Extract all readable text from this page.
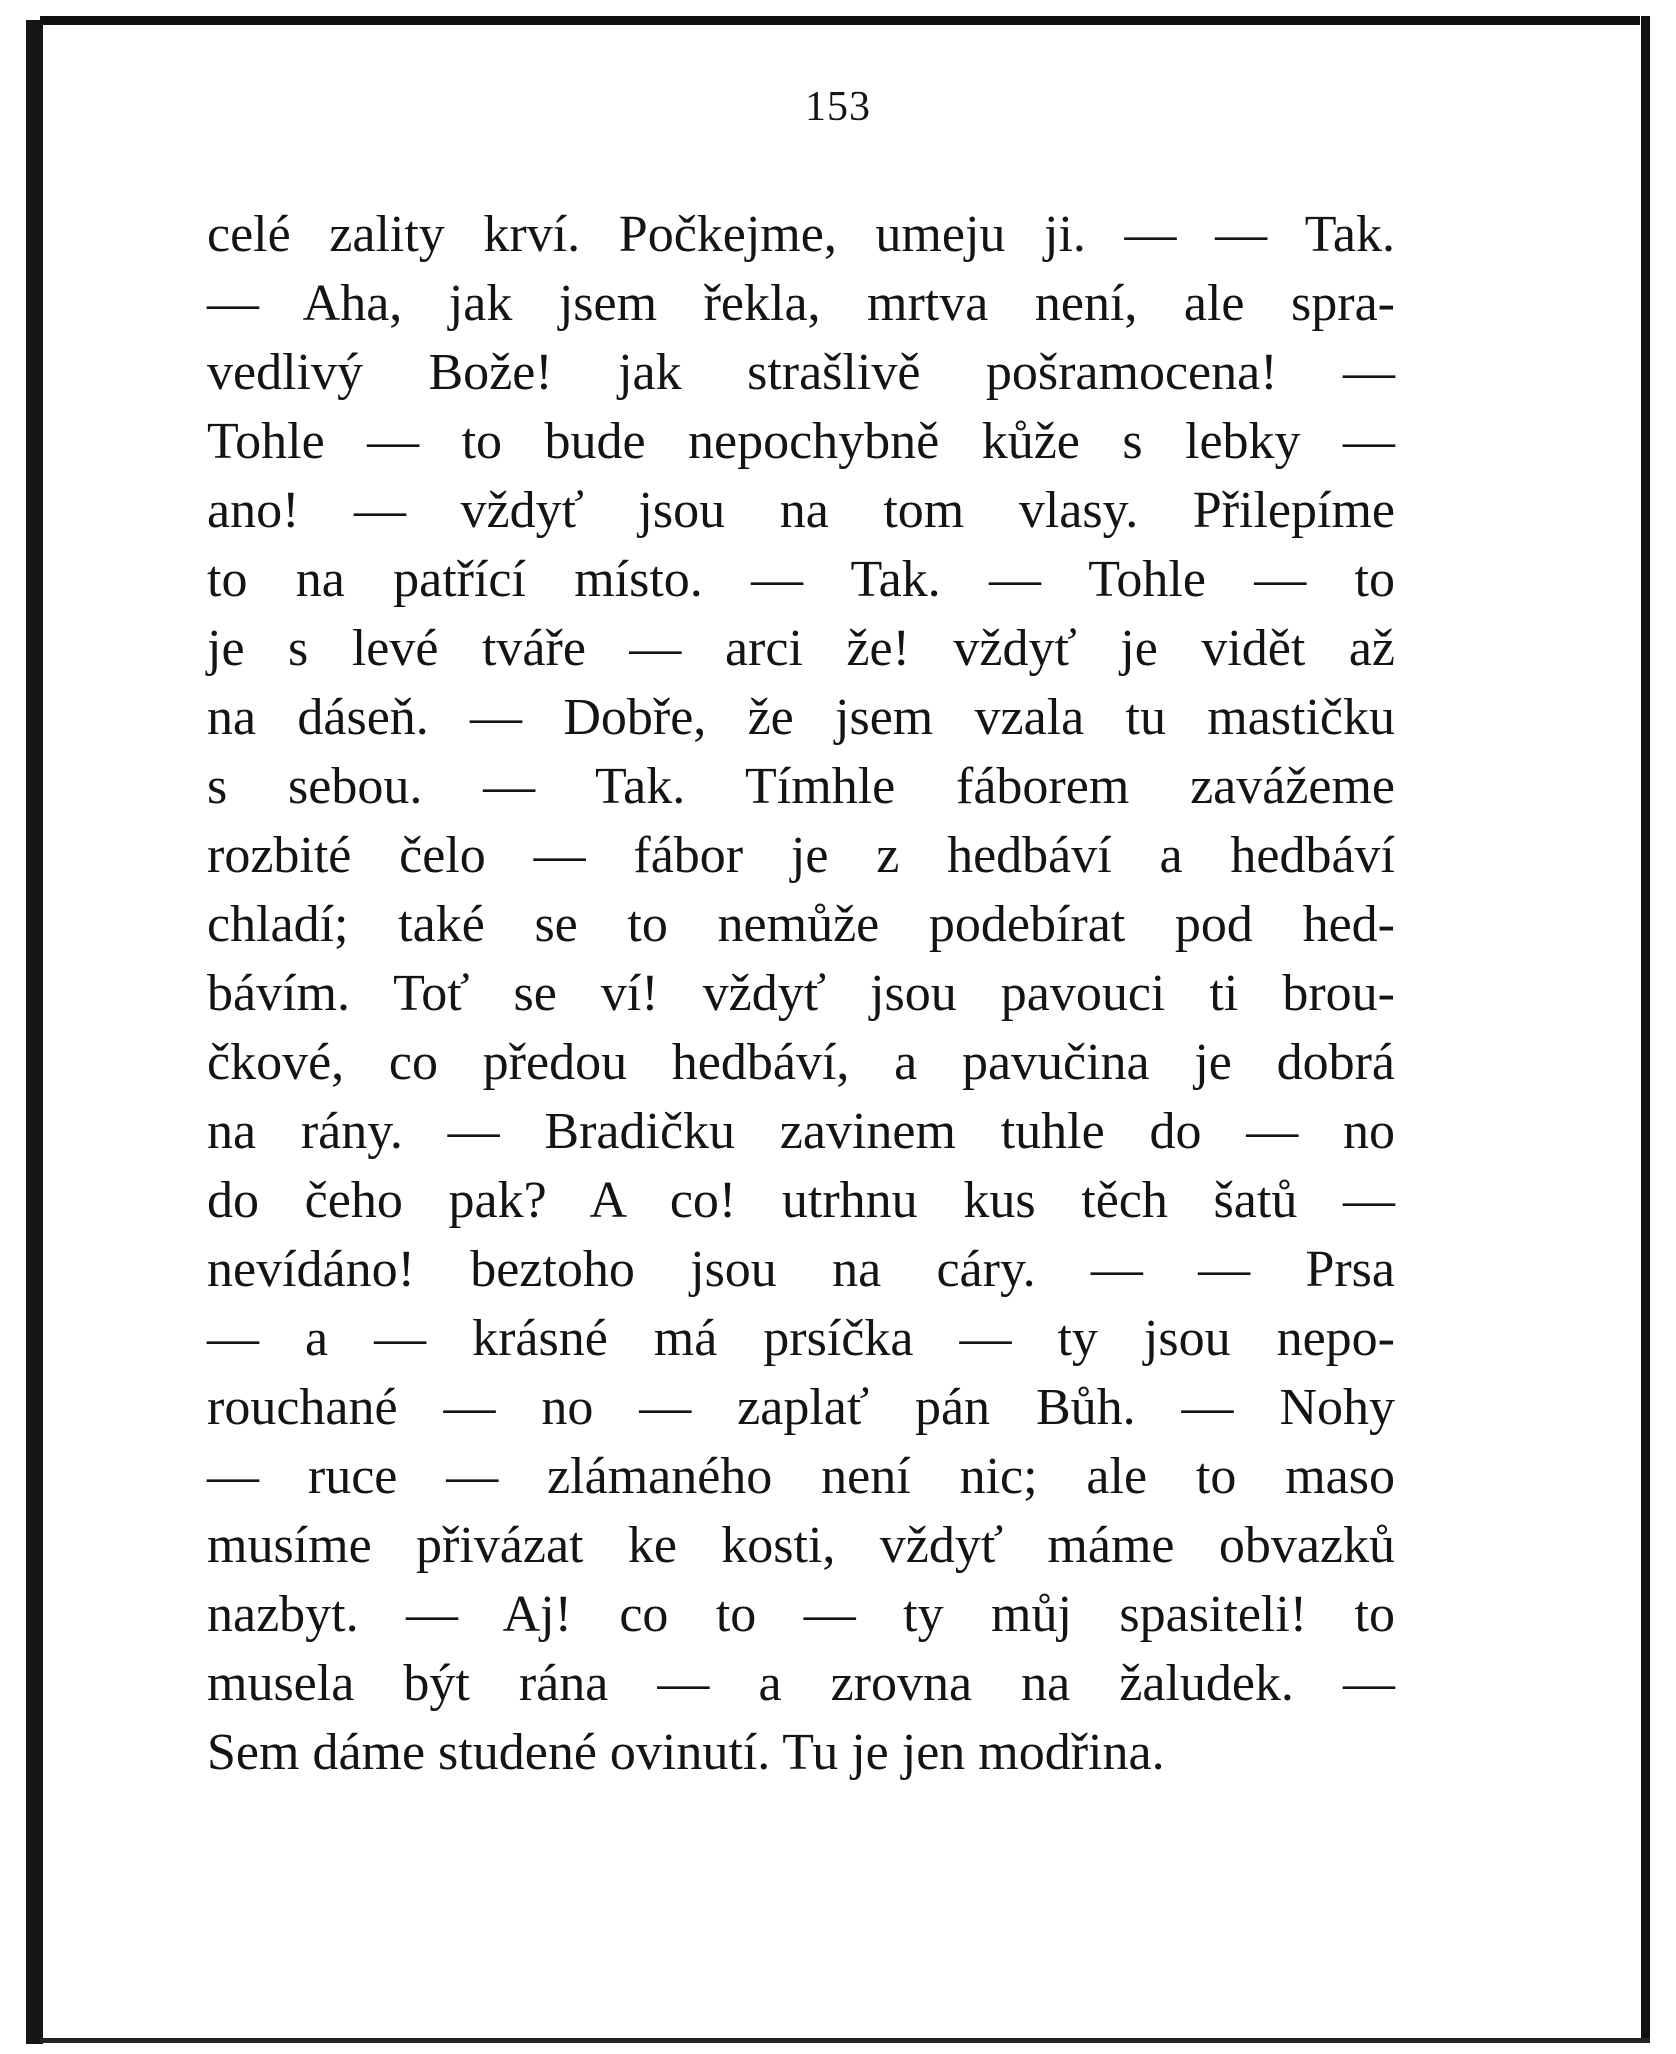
153
celé zality krví. Počkejme, umeju ji. — — Tak.
— Aha, jak jsem řekla, mrtva není, ale spra-
vedlivý Bože! jak strašlivě pošramocena! —
Tohle — to bude nepochybně kůže s lebky —
ano! — vždyť jsou na tom vlasy. Přilepíme
to na patřící místo. — Tak. — Tohle — to
je s levé tváře — arci že! vždyť je vidět až
na dáseň. — Dobře, že jsem vzala tu mastičku
s sebou. — Tak. Tímhle fáborem zavážeme
rozbité čelo — fábor je z hedbáví a hedbáví
chladí; také se to nemůže podebírat pod hed-
bávím. Toť se ví! vždyť jsou pavouci ti brou-
čkové, co předou hedbáví, a pavučina je dobrá
na rány. — Bradičku zavinem tuhle do — no
do čeho pak? A co! utrhnu kus těch šatů —
nevídáno! beztoho jsou na cáry. — — Prsa
— a — krásné má prsíčka — ty jsou nepo-
rouchané — no — zaplať pán Bůh. — Nohy
— ruce — zlámaného není nic; ale to maso
musíme přivázat ke kosti, vždyť máme obvazků
nazbyt. — Aj! co to — ty můj spasiteli! to
musela být rána — a zrovna na žaludek. —
Sem dáme studené ovinutí. Tu je jen modřina.
